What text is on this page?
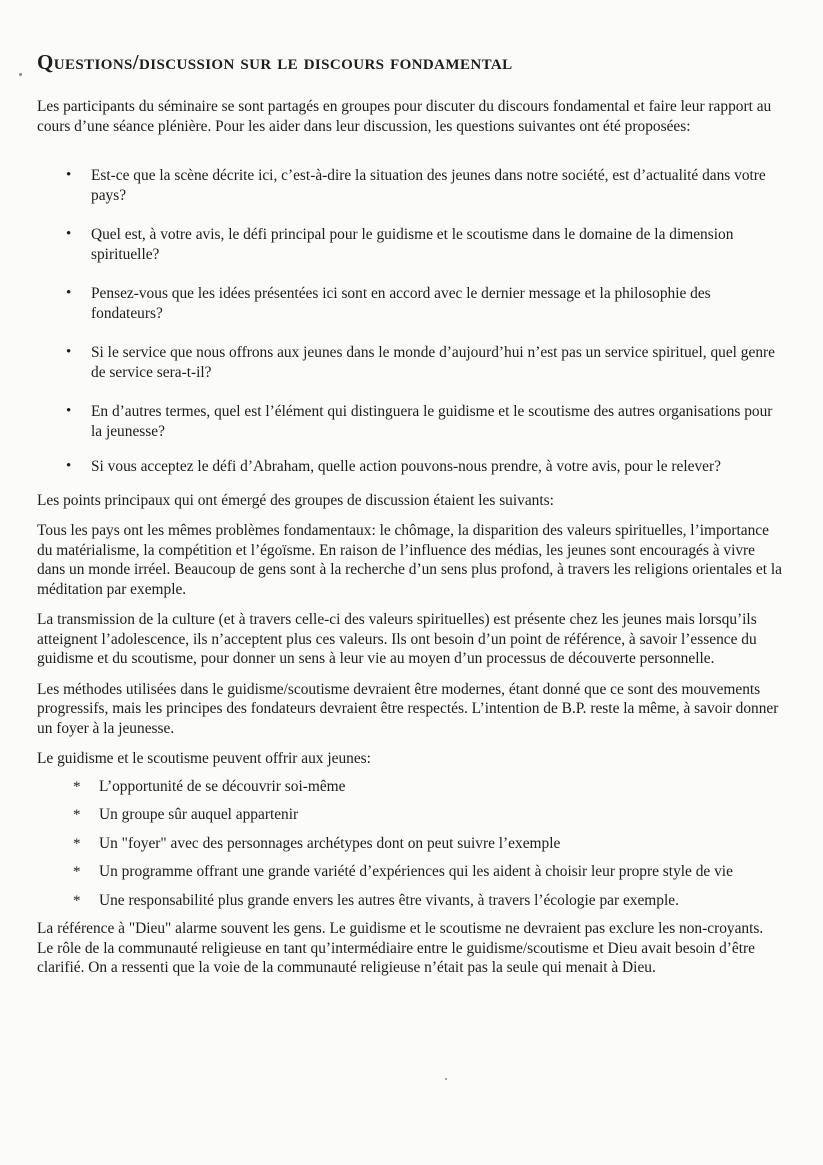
Questions/discussion sur le discours fondamental

Les participants du séminaire se sont partagés en groupes pour discuter du discours fondamental et faire leur rapport au cours d’une séance plénière. Pour les aider dans leur discussion, les questions suivantes ont été proposées:

• Est-ce que la scène décrite ici, c’est-à-dire la situation des jeunes dans notre société, est d’actualité dans votre pays?
• Quel est, à votre avis, le défi principal pour le guidisme et le scoutisme dans le domaine de la dimension spirituelle?
• Pensez-vous que les idées présentées ici sont en accord avec le dernier message et la philosophie des fondateurs?
• Si le service que nous offrons aux jeunes dans le monde d’aujourd’hui n’est pas un service spirituel, quel genre de service sera-t-il?
• En d’autres termes, quel est l’élément qui distinguera le guidisme et le scoutisme des autres organisations pour la jeunesse?
• Si vous acceptez le défi d’Abraham, quelle action pouvons-nous prendre, à votre avis, pour le relever?

Les points principaux qui ont émergé des groupes de discussion étaient les suivants:

Tous les pays ont les mêmes problèmes fondamentaux: le chômage, la disparition des valeurs spirituelles, l’importance du matérialisme, la compétition et l’égoïsme. En raison de l’influence des médias, les jeunes sont encouragés à vivre dans un monde irréel. Beaucoup de gens sont à la recherche d’un sens plus profond, à travers les religions orientales et la méditation par exemple.

La transmission de la culture (et à travers celle-ci des valeurs spirituelles) est présente chez les jeunes mais lorsqu’ils atteignent l’adolescence, ils n’acceptent plus ces valeurs. Ils ont besoin d’un point de référence, à savoir l’essence du guidisme et du scoutisme, pour donner un sens à leur vie au moyen d’un processus de découverte personnelle.

Les méthodes utilisées dans le guidisme/scoutisme devraient être modernes, étant donné que ce sont des mouvements progressifs, mais les principes des fondateurs devraient être respectés. L’intention de B.P. reste la même, à savoir donner un foyer à la jeunesse.

Le guidisme et le scoutisme peuvent offrir aux jeunes:

* L’opportunité de se découvrir soi-même
* Un groupe sûr auquel appartenir
* Un "foyer" avec des personnages archétypes dont on peut suivre l’exemple
* Un programme offrant une grande variété d’expériences qui les aident à choisir leur propre style de vie
* Une responsabilité plus grande envers les autres être vivants, à travers l’écologie par exemple.

La référence à "Dieu" alarme souvent les gens. Le guidisme et le scoutisme ne devraient pas exclure les non-croyants. Le rôle de la communauté religieuse en tant qu’intermédiaire entre le guidisme/scoutisme et Dieu avait besoin d’être clarifié. On a ressenti que la voie de la communauté religieuse n’était pas la seule qui menait à Dieu.
